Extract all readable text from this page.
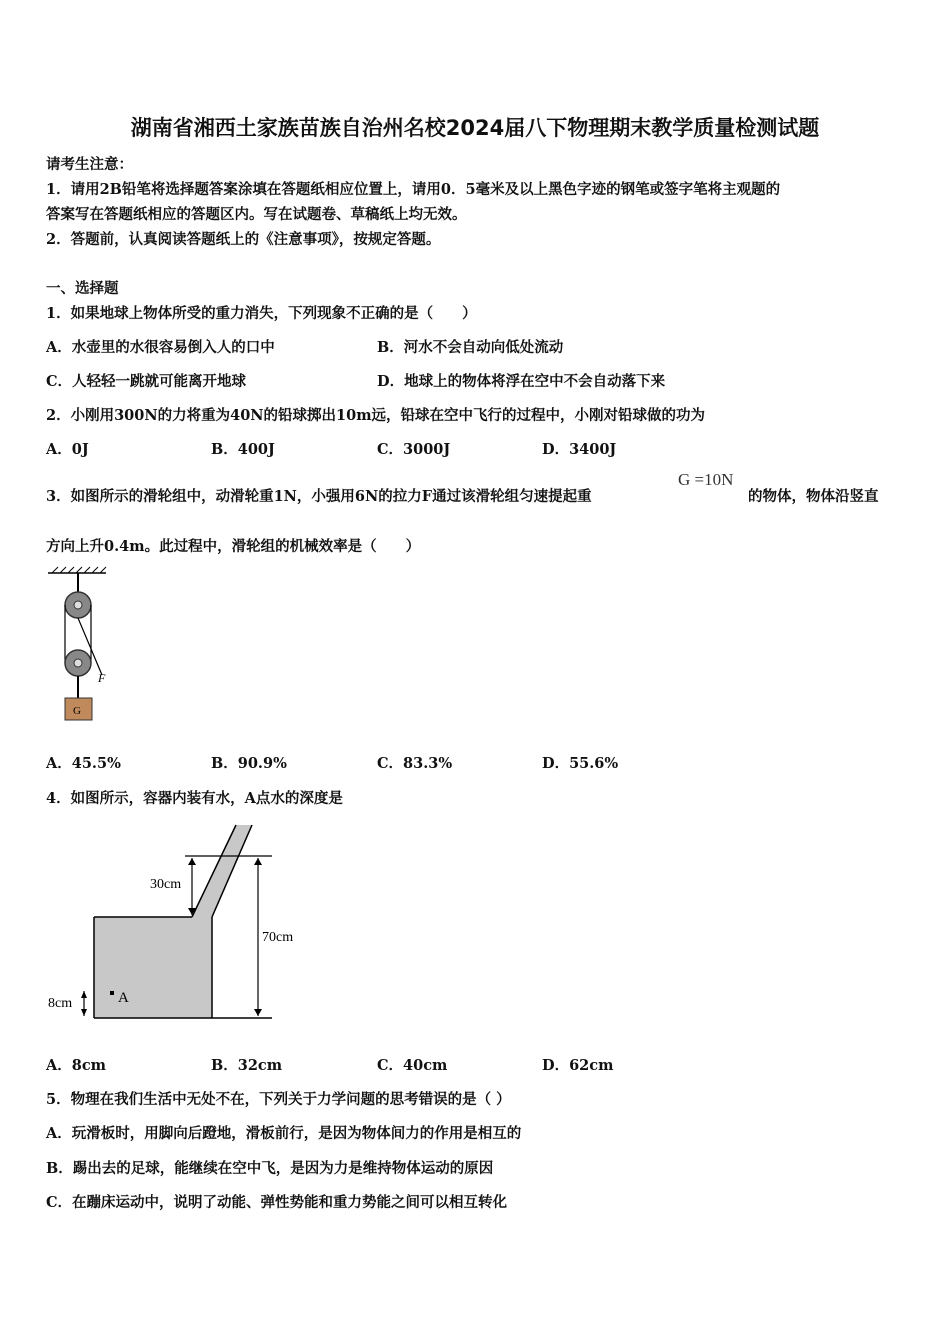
湖南省湘西土家族苗族自治州名校2024届八下物理期末教学质量检测试题
请考生注意：
1．请用2B铅笔将选择题答案涂填在答题纸相应位置上，请用0．5毫米及以上黑色字迹的钢笔或签字笔将主观题的
答案写在答题纸相应的答题区内。写在试题卷、草稿纸上均无效。
2．答题前，认真阅读答题纸上的《注意事项》，按规定答题。
一、选择题
1．如果地球上物体所受的重力消失，下列现象不正确的是（　　）
A．水壶里的水很容易倒入人的口中	B．河水不会自动向低处流动
C．人轻轻一跳就可能离开地球	D．地球上的物体将浮在空中不会自动落下来
2．小刚用300N的力将重为40N的铅球掷出10m远，铅球在空中飞行的过程中，小刚对铅球做的功为
A．0J	B．400J	C．3000J	D．3400J
3．如图所示的滑轮组中，动滑轮重1N，小强用6N的拉力F通过该滑轮组匀速提起重
G =10N
的物体，物体沿竖直
方向上升0.4m。此过程中，滑轮组的机械效率是（　　）
F
G
A．45.5%	B．90.9%	C．83.3%	D．55.6%
4．如图所示，容器内装有水，A点水的深度是
30cm
70cm
8cm	A
A．8cm	B．32cm	C．40cm	D．62cm
5．物理在我们生活中无处不在，下列关于力学问题的思考错误的是（ ）
A．玩滑板时，用脚向后蹬地，滑板前行，是因为物体间力的作用是相互的
B．踢出去的足球，能继续在空中飞，是因为力是维持物体运动的原因
C．在蹦床运动中，说明了动能、弹性势能和重力势能之间可以相互转化
